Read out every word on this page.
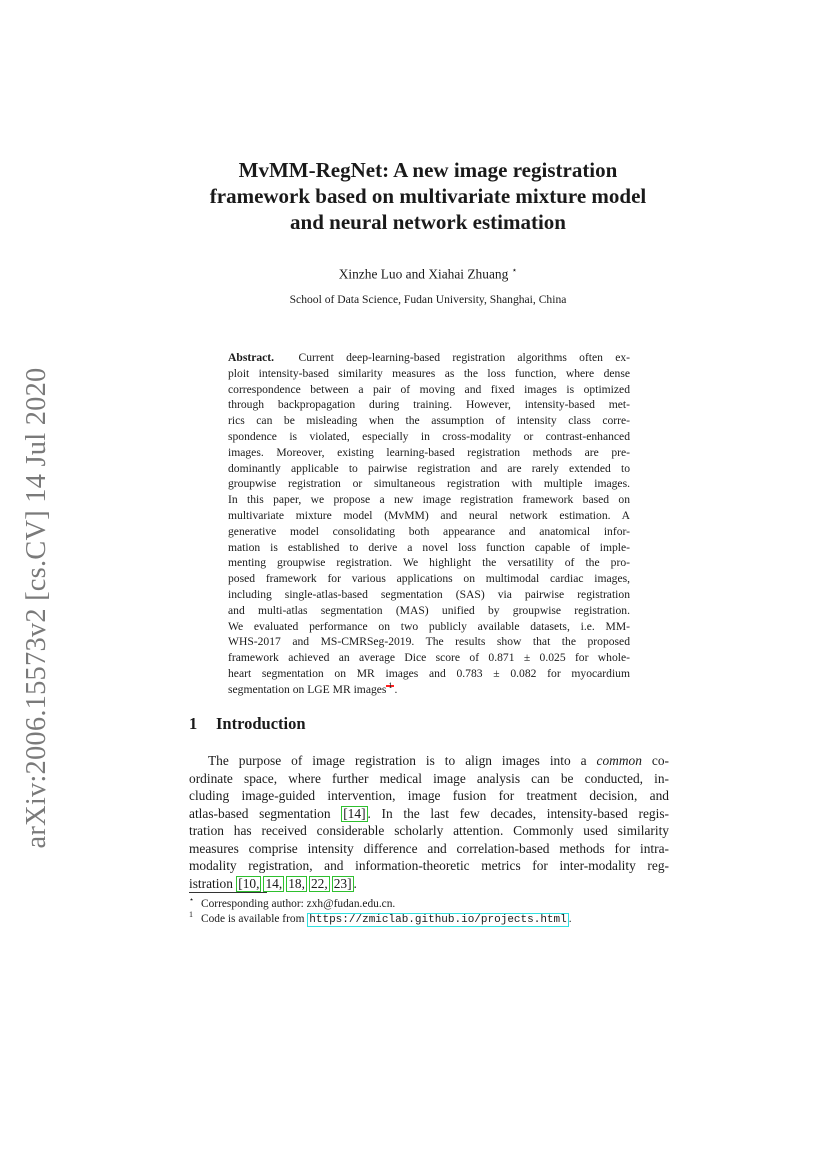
arXiv:2006.15573v2 [cs.CV] 14 Jul 2020
MvMM-RegNet: A new image registration
framework based on multivariate mixture model
and neural network estimation
Xinzhe Luo and Xiahai Zhuang ⋆
School of Data Science, Fudan University, Shanghai, China
Abstract. Current deep-learning-based registration algorithms often ex-
ploit intensity-based similarity measures as the loss function, where dense
correspondence between a pair of moving and fixed images is optimized
through backpropagation during training. However, intensity-based met-
rics can be misleading when the assumption of intensity class corre-
spondence is violated, especially in cross-modality or contrast-enhanced
images. Moreover, existing learning-based registration methods are pre-
dominantly applicable to pairwise registration and are rarely extended to
groupwise registration or simultaneous registration with multiple images.
In this paper, we propose a new image registration framework based on
multivariate mixture model (MvMM) and neural network estimation. A
generative model consolidating both appearance and anatomical infor-
mation is established to derive a novel loss function capable of imple-
menting groupwise registration. We highlight the versatility of the pro-
posed framework for various applications on multimodal cardiac images,
including single-atlas-based segmentation (SAS) via pairwise registration
and multi-atlas segmentation (MAS) unified by groupwise registration.
We evaluated performance on two publicly available datasets, i.e. MM-
WHS-2017 and MS-CMRSeg-2019. The results show that the proposed
framework achieved an average Dice score of 0.871 ± 0.025 for whole-
heart segmentation on MR images and 0.783 ± 0.082 for myocardium
segmentation on LGE MR images 1 .
1 Introduction
The purpose of image registration is to align images into a common co-
ordinate space, where further medical image analysis can be conducted, in-
cluding image-guided intervention, image fusion for treatment decision, and
atlas-based segmentation [14] . In the last few decades, intensity-based regis-
tration has received considerable scholarly attention. Commonly used similarity
measures comprise intensity difference and correlation-based methods for intra-
modality registration, and information-theoretic metrics for inter-modality reg-
istration [10, 14, 18, 22, 23] .
⋆ Corresponding author: zxh@fudan.edu.cn.
1 Code is available from https://zmiclab.github.io/projects.html .
